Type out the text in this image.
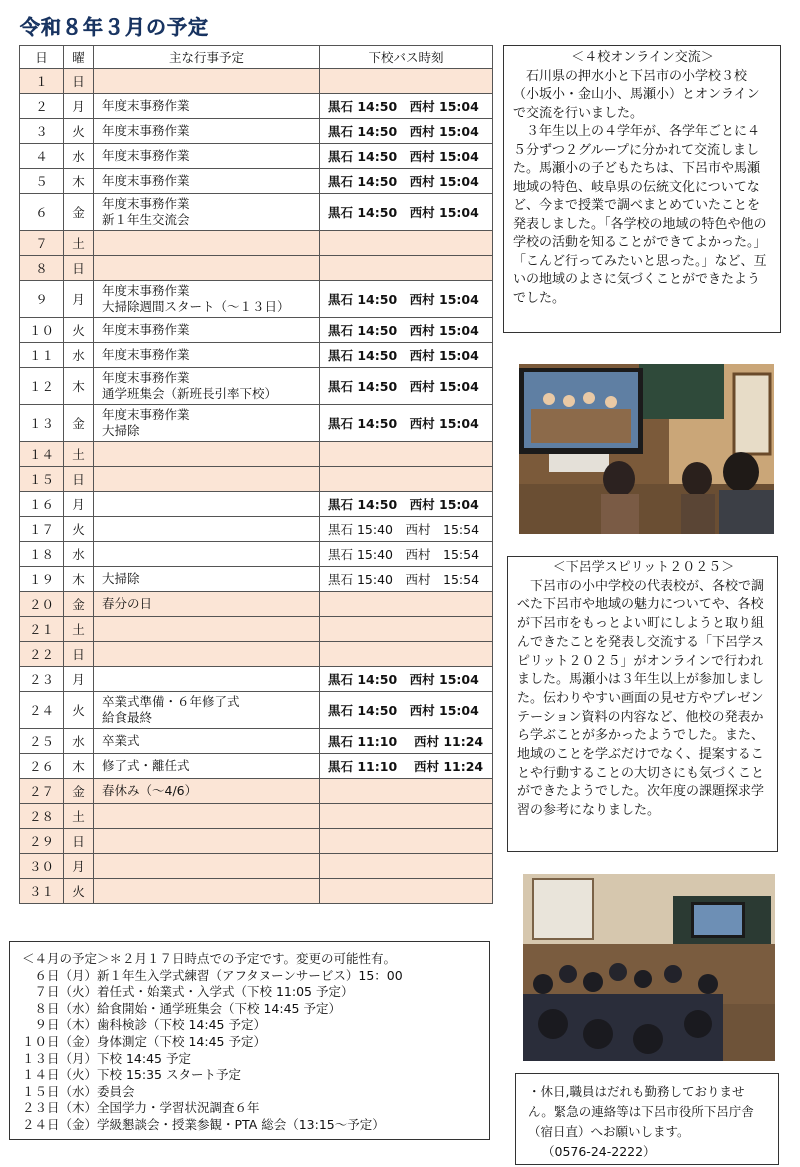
令和８年３月の予定
日	曜	主な行事予定	下校バス時刻
１	日	

２	月	年度末事務作業	黒石 14:50　西村 15:04
３	火	年度末事務作業	黒石 14:50　西村 15:04
４	水	年度末事務作業	黒石 14:50　西村 15:04
５	木	年度末事務作業	黒石 14:50　西村 15:04
６	金	年度末事務作業
新１年生交流会	黒石 14:50　西村 15:04
７	土	

８	日	

９	月	年度末事務作業
大掃除週間スタート（～１３日）	黒石 14:50　西村 15:04
１０	火	年度末事務作業	黒石 14:50　西村 15:04
１１	水	年度末事務作業	黒石 14:50　西村 15:04
１２	木	年度末事務作業
通学班集会（新班長引率下校）	黒石 14:50　西村 15:04
１３	金	年度末事務作業
大掃除	黒石 14:50　西村 15:04
１４	土	

１５	日	

１６	月		黒石 14:50　西村 15:04
１７	火		黒石 15:40　西村　15:54
１８	水		黒石 15:40　西村　15:54
１９	木	大掃除	黒石 15:40　西村　15:54
２０	金	春分の日	

２１	土	

２２	日	

２３	月		黒石 14:50　西村 15:04
２４	火	卒業式準備・６年修了式
給食最終	黒石 14:50　西村 15:04
２５	水	卒業式	黒石 11:10　 西村 11:24
２６	木	修了式・離任式	黒石 11:10　 西村 11:24
２７	金	春休み（～4/6）	

２８	土	

２９	日	

３０	月	

３１	火	

＜４校オンライン交流＞

石川県の押水小と下呂市の小学校３校（小坂小・金山小、馬瀬小）とオンラインで交流を行いました。

３年生以上の４学年が、各学年ごとに４５分ずつ２グループに分かれて交流しました。馬瀬小の子どもたちは、下呂市や馬瀬地域の特色、岐阜県の伝統文化についてなど、今まで授業で調べまとめていたことを発表しました。「各学校の地域の特色や他の学校の活動を知ることができてよかった。」「こんど行ってみたいと思った。」など、互いの地域のよさに気づくことができたようでした。

＜下呂学スピリット２０２５＞

下呂市の小中学校の代表校が、各校で調べた下呂市や地域の魅力についてや、各校が下呂市をもっとよい町にしようと取り組んできたことを発表し交流する「下呂学スピリット２０２５」がオンラインで行われました。馬瀬小は３年生以上が参加しました。伝わりやすい画面の見せ方やプレゼンテーション資料の内容など、他校の発表から学ぶことが多かったようでした。また、地域のことを学ぶだけでなく、提案することや行動することの大切さにも気づくことができたようでした。次年度の課題探求学習の参考になりました。

＜４月の予定＞＊２月１７日時点での予定です。変更の可能性有。
　６日（月）新１年生入学式練習（アフタヌーンサービス）15：00
　７日（火）着任式・始業式・入学式（下校 11:05 予定）
　８日（水）給食開始・通学班集会（下校 14:45 予定）
　９日（木）歯科検診（下校 14:45 予定）
１０日（金）身体測定（下校 14:45 予定）
１３日（月）下校 14:45 予定
１４日（火）下校 15:35 スタート予定
１５日（水）委員会
２３日（木）全国学力・学習状況調査６年
２４日（金）学級懇談会・授業参観・PTA 総会（13:15～予定）
・休日,職員はだれも勤務しておりません。緊急の連絡等は下呂市役所下呂庁舎（宿日直）へお願いします。
（0576-24-2222）
